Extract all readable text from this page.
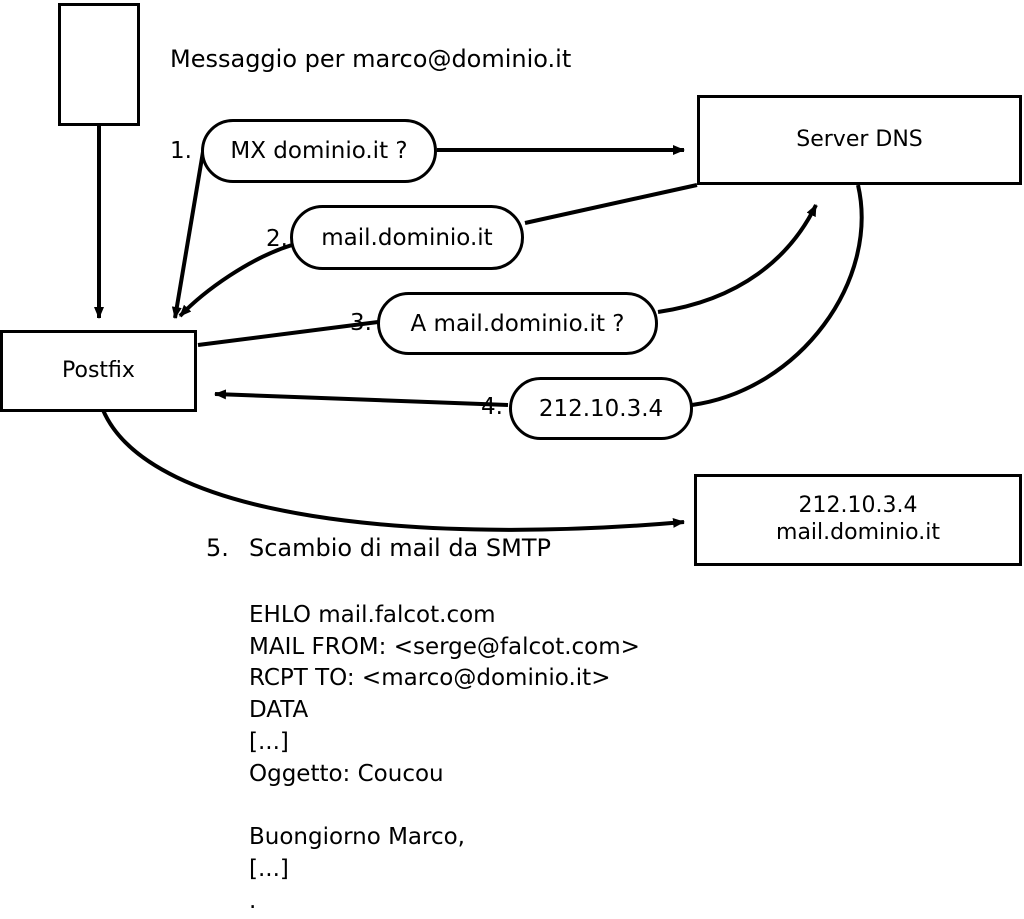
Messaggio per marco@dominio.it
Server DNS
Postfix
212.10.3.4
mail.dominio.it
1. MX dominio.it ?
2. mail.dominio.it
3. A mail.dominio.it ?
4. 212.10.3.4
5. Scambio di mail da SMTP
EHLO mail.falcot.com
MAIL FROM: <serge@falcot.com>
RCPT TO: <marco@dominio.it>
DATA
[...]
Oggetto: Coucou

Buongiorno Marco,
[...]
.
